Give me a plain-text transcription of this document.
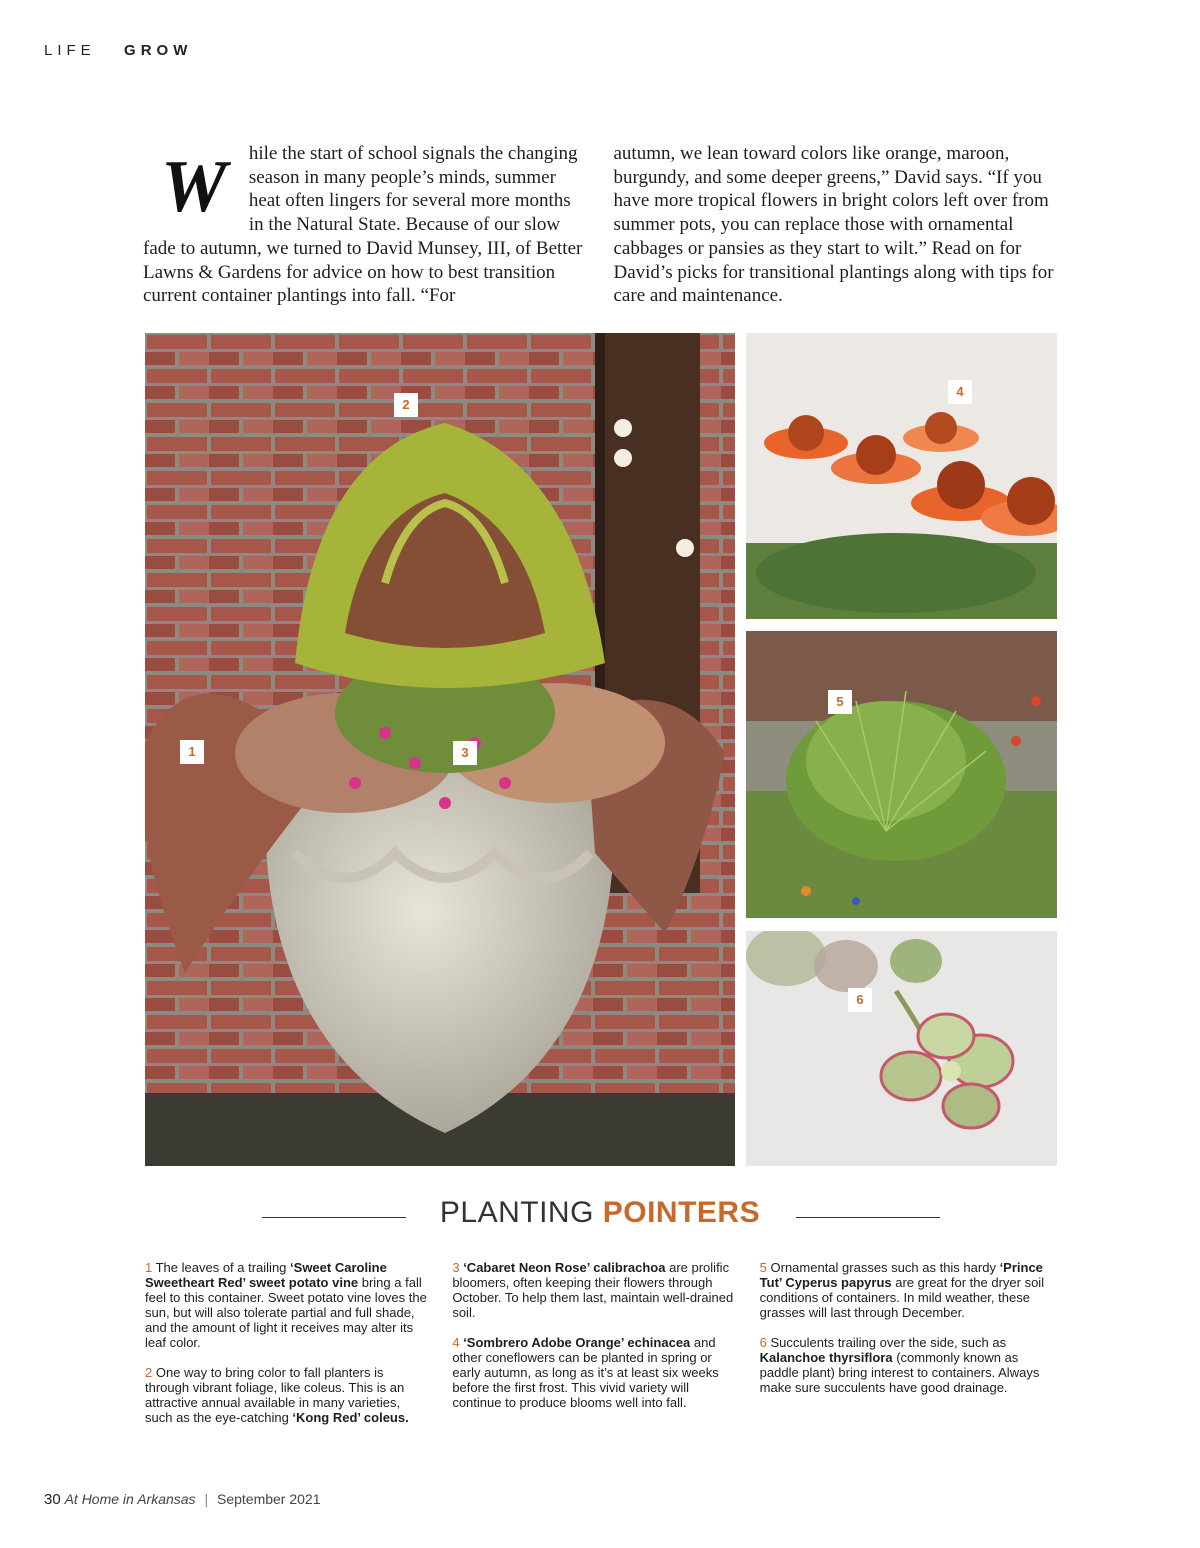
LIFE GROW
W hile the start of school signals the changing season in many people’s minds, summer heat often lingers for several more months in the Natural State. Because of our slow fade to autumn, we turned to David Munsey, III, of Better Lawns & Gardens for advice on how to best transition current container plantings into fall. “For
autumn, we lean toward colors like orange, maroon, burgundy, and some deeper greens,” David says. “If you have more tropical flowers in bright colors left over from summer pots, you can replace those with ornamental cabbages or pansies as they start to wilt.” Read on for David’s picks for transitional plantings along with tips for care and maintenance.
1
2
3
4
5
6
PLANTING POINTERS

1 The leaves of a trailing ‘Sweet Caroline Sweetheart Red’ sweet potato vine bring a fall feel to this container. Sweet potato vine loves the sun, but will also tolerate partial and full shade, and the amount of light it receives may alter its leaf color.

2 One way to bring color to fall planters is through vibrant foliage, like coleus. This is an attractive annual available in many varieties, such as the eye-catching ‘Kong Red’ coleus.

3 ‘Cabaret Neon Rose’ calibrachoa are prolific bloomers, often keeping their flowers through October. To help them last, maintain well-drained soil.

4 ‘Sombrero Adobe Orange’ echinacea and other coneflowers can be planted in spring or early autumn, as long as it’s at least six weeks before the first frost. This vivid variety will continue to produce blooms well into fall.

5 Ornamental grasses such as this hardy ‘Prince Tut’ Cyperus papyrus are great for the dryer soil conditions of containers. In mild weather, these grasses will last through December.

6 Succulents trailing over the side, such as Kalanchoe thyrsiflora (commonly known as paddle plant) bring interest to containers. Always make sure succulents have good drainage.

30 At Home in Arkansas | September 2021
